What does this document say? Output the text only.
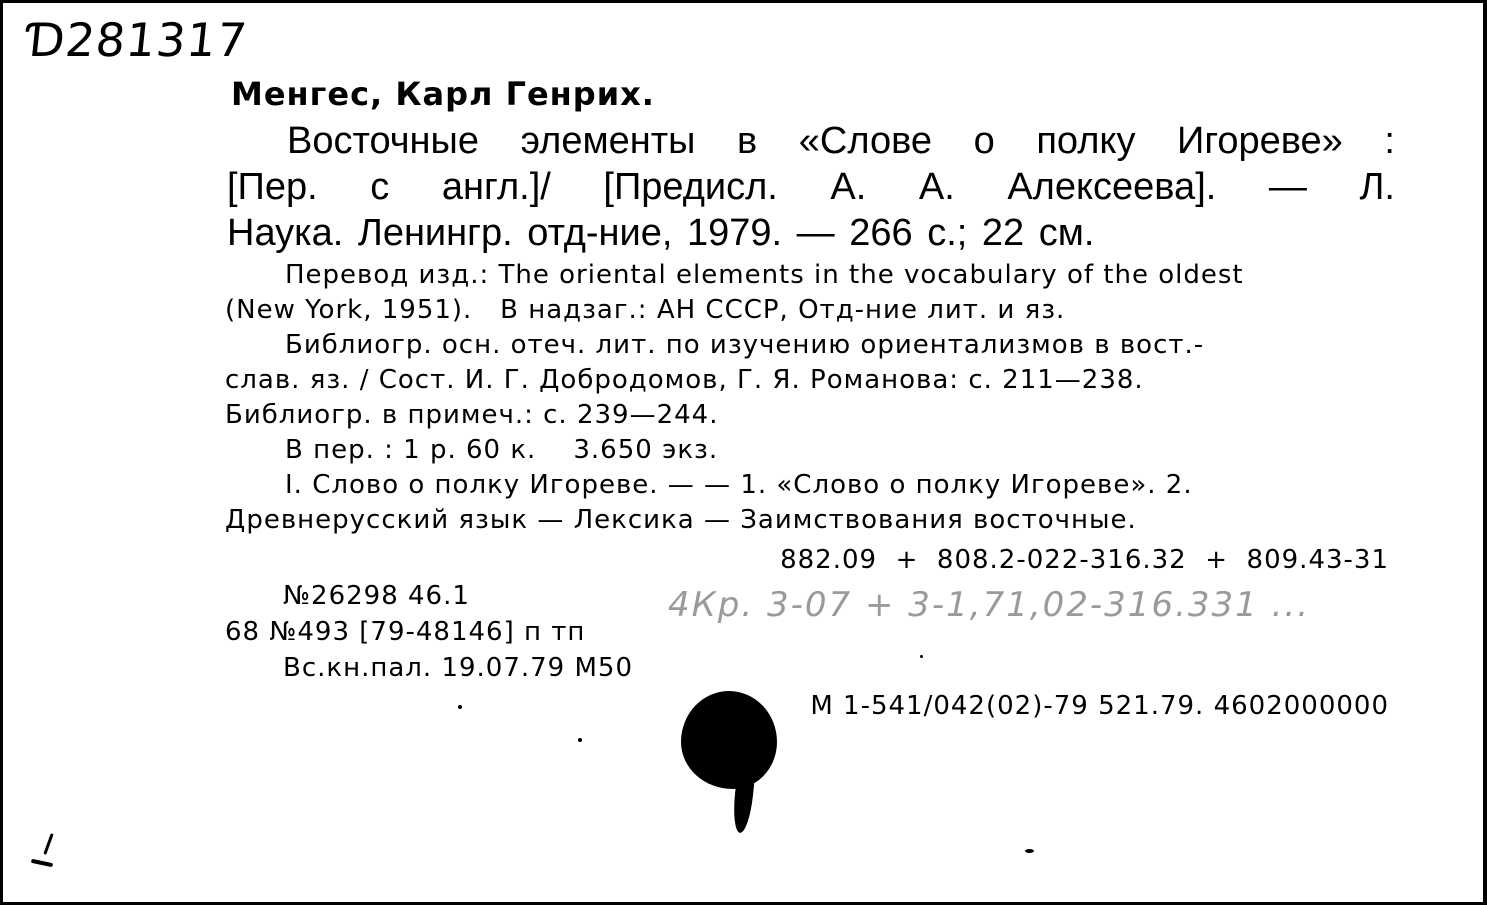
Ɗ281317
Менгес, Карл Генрих.
Восточные элементы в «Слове о полку Игореве» :
[Пер. с англ.]/ [Предисл. А. А. Алексеева]. — Л.
Наука.
Ленингр.
отд-ние,
1979.
—
266
с.;
22
см.
Перевод изд.: The oriental elements in the vocabulary of the oldest
(New York, 1951).   В надзаг.: АН СССР, Отд-ние лит. и яз.
Библиогр. осн. отеч. лит. по изучению ориентализмов в вост.-
слав. яз. / Сост. И. Г. Добродомов, Г. Я. Романова: с. 211—238.
Библиогр. в примеч.: с. 239—244.
В пер. : 1 р. 60 к.    3.650 экз.
I. Слово о полку Игореве. — — 1. «Слово о полку Игореве». 2.
Древнерусский язык — Лексика — Заимствования восточные.
882.09  +  808.2-022-316.32  +  809.43-31
№26298 46.1
68 №493 [79-48146] п тп
Вс.кн.пал. 19.07.79 М50
М 1-541/042(02)-79 521.79. 4602000000
4Кр. 3-07 + 3-1,71,02-316.331 ...
